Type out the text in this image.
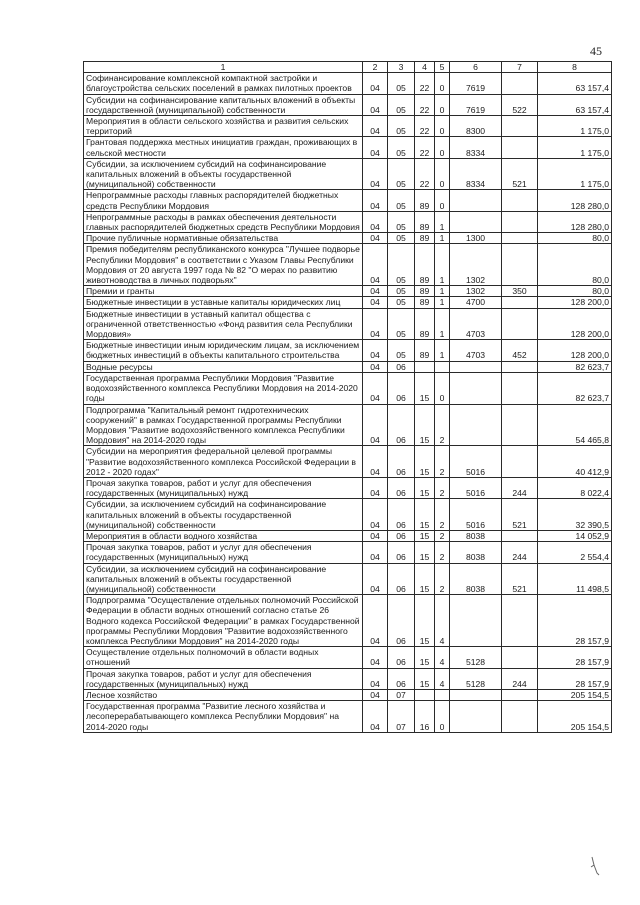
45
1	2	3	4	5	6	7	8
Софинансирование комплексной компактной застройки и благоустройства сельских поселений в рамках пилотных проектов	04	05	22	0	7619		63 157,4
Субсидии на софинансирование капитальных вложений в объекты государственной (муниципальной) собственности	04	05	22	0	7619	522	63 157,4
Мероприятия в области сельского хозяйства и развития сельских территорий	04	05	22	0	8300		1 175,0
Грантовая поддержка местных инициатив граждан, проживающих в сельской местности	04	05	22	0	8334		1 175,0
Субсидии, за исключением субсидий на софинансирование капитальных вложений в объекты государственной (муниципальной) собственности	04	05	22	0	8334	521	1 175,0
Непрограммные расходы главных распорядителей бюджетных средств Республики Мордовия	04	05	89	0			128 280,0
Непрограммные расходы в рамках обеспечения деятельности главных распорядителей бюджетных средств Республики Мордовия	04	05	89	1			128 280,0
Прочие публичные нормативные обязательства	04	05	89	1	1300		80,0
Премия победителям республиканского конкурса "Лучшее подворье Республики Мордовия" в соответствии с Указом Главы Республики Мордовия от 20 августа 1997 года № 82 "О мерах по развитию животноводства в личных подворьях"	04	05	89	1	1302		80,0
Премии и гранты	04	05	89	1	1302	350	80,0
Бюджетные инвестиции в уставные капиталы юридических лиц	04	05	89	1	4700		128 200,0
Бюджетные инвестиции в уставный капитал общества с ограниченной ответственностью «Фонд развития села Республики Мордовия»	04	05	89	1	4703		128 200,0
Бюджетные инвестиции иным юридическим лицам, за исключением бюджетных инвестиций в объекты капитального строительства	04	05	89	1	4703	452	128 200,0
Водные ресурсы	04	06					82 623,7
Государственная программа Республики Мордовия "Развитие водохозяйственного комплекса Республики Мордовия на 2014-2020 годы	04	06	15	0			82 623,7
Подпрограмма "Капитальный ремонт гидротехнических сооружений" в рамках Государственной программы Республики Мордовия "Развитие водохозяйственного комплекса Республики Мордовия" на 2014-2020 годы	04	06	15	2			54 465,8
Субсидии на мероприятия федеральной целевой программы "Развитие водохозяйственного комплекса Российской Федерации в 2012 - 2020 годах"	04	06	15	2	5016		40 412,9
Прочая закупка товаров, работ и услуг для обеспечения государственных (муниципальных) нужд	04	06	15	2	5016	244	8 022,4
Субсидии, за исключением субсидий на софинансирование капитальных вложений в объекты государственной (муниципальной) собственности	04	06	15	2	5016	521	32 390,5
Мероприятия в области водного хозяйства	04	06	15	2	8038		14 052,9
Прочая закупка товаров, работ и услуг для обеспечения государственных (муниципальных) нужд	04	06	15	2	8038	244	2 554,4
Субсидии, за исключением субсидий на софинансирование капитальных вложений в объекты государственной (муниципальной) собственности	04	06	15	2	8038	521	11 498,5
Подпрограмма "Осуществление отдельных полномочий Российской Федерации в области водных отношений согласно статье 26 Водного кодекса Российской Федерации" в рамках Государственной программы Республики Мордовия "Развитие водохозяйственного комплекса Республики Мордовия" на 2014-2020 годы	04	06	15	4			28 157,9
Осуществление отдельных полномочий в области водных отношений	04	06	15	4	5128		28 157,9
Прочая закупка товаров, работ и услуг для обеспечения государственных (муниципальных) нужд	04	06	15	4	5128	244	28 157,9
Лесное хозяйство	04	07					205 154,5
Государственная программа "Развитие лесного хозяйства и лесоперерабатывающего комплекса Республики Мордовия" на 2014-2020 годы	04	07	16	0			205 154,5
